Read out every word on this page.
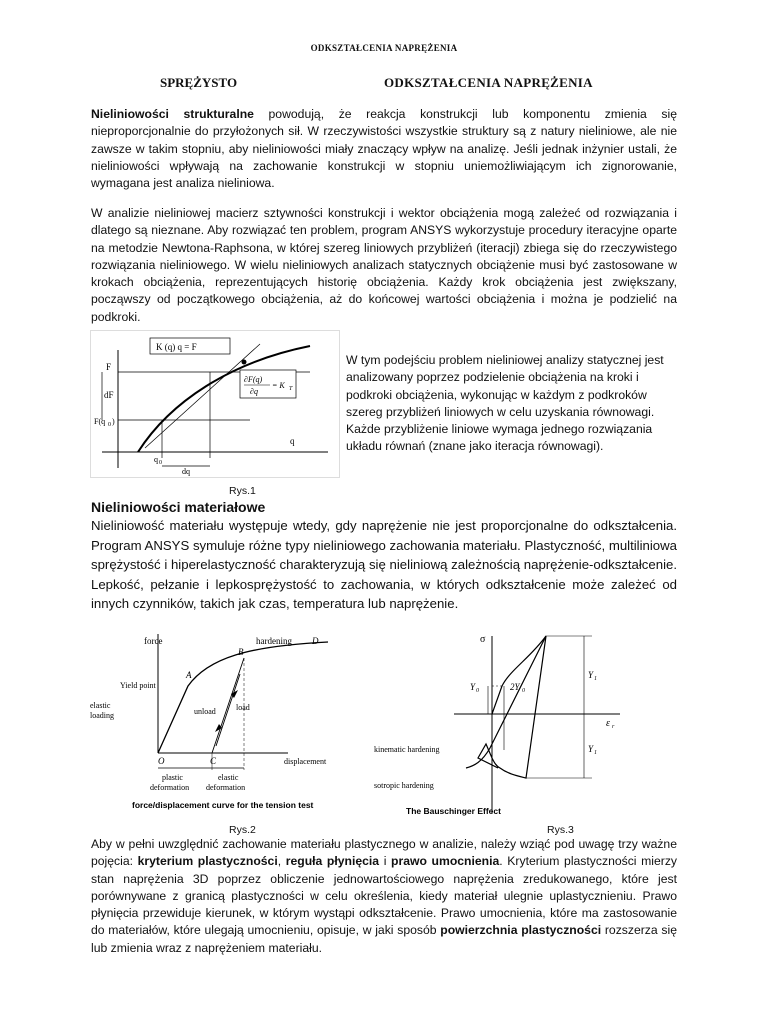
ODKSZTAŁCENIA NAPRĘŻENIA
SPRĘŻYSTO	ODKSZTAŁCENIA NAPRĘŻENIA
Nieliniowości strukturalne powodują, że reakcja konstrukcji lub komponentu zmienia się nieproporcjonalnie do przyłożonych sił. W rzeczywistości wszystkie struktury są z natury nieliniowe, ale nie zawsze w takim stopniu, aby nieliniowości miały znaczący wpływ na analizę. Jeśli jednak inżynier ustali, że nieliniowości wpływają na zachowanie konstrukcji w stopniu uniemożliwiającym ich zignorowanie, wymagana jest analiza nieliniowa.
W analizie nieliniowej macierz sztywności konstrukcji i wektor obciążenia mogą zależeć od rozwiązania i dlatego są nieznane. Aby rozwiązać ten problem, program ANSYS wykorzystuje procedury iteracyjne oparte na metodzie Newtona-Raphsona, w której szereg liniowych przybliżeń (iteracji) zbiega się do rzeczywistego rozwiązania nieliniowego. W wielu nieliniowych analizach statycznych obciążenie musi być zastosowane w krokach obciążenia, reprezentujących historię obciążenia. Każdy krok obciążenia jest zwiększany, począwszy od początkowego obciążenia, aż do końcowej wartości obciążenia i można je podzielić na podkroki.
K (q) q = F
∂F(q)
∂q
= K T
F
dF
F(q 0 )
q
q 0
dq
W tym podejściu problem nieliniowej analizy statycznej jest analizowany poprzez podzielenie obciążenia na kroki i podkroki obciążenia, wykonując w każdym z podkroków szereg przybliżeń liniowych w celu uzyskania równowagi. Każde przybliżenie liniowe wymaga jednego rozwiązania układu równań (znane jako iteracja równowagi).
Rys.1
Nieliniowości materiałowe
Nieliniowość materiału występuje wtedy, gdy naprężenie nie jest proporcjonalne do odkształcenia. Program ANSYS symuluje różne typy nieliniowego zachowania materiału. Plastyczność, multiliniowa sprężystość i hiperelastyczność charakteryzują się nieliniową zależnością naprężenie-odkształcenie. Lepkość, pełzanie i lepkosprężystość to zachowania, w których odkształcenie może zależeć od innych czynników, takich jak czas, temperatura lub naprężenie.
force	hardening D
B
A
Yield point
elastic
loading	unload	load
O	C	displacement
plastic
deformation
elastic
deformation
force/displacement curve for the tension test
σ
Y 0	2Y 0
Y 1
Y 1
ε r
kinematic hardening
sotropic hardening
The Bauschinger Effect
Rys.2	Rys.3
Aby w pełni uwzględnić zachowanie materiału plastycznego w analizie, należy wziąć pod uwagę trzy ważne pojęcia: kryterium plastyczności, reguła płynięcia i prawo umocnienia. Kryterium plastyczności mierzy stan naprężenia 3D poprzez obliczenie jednowartościowego naprężenia zredukowanego, które jest porównywane z granicą plastyczności w celu określenia, kiedy materiał ulegnie uplastycznieniu. Prawo płynięcia przewiduje kierunek, w którym wystąpi odkształcenie. Prawo umocnienia, które ma zastosowanie do materiałów, które ulegają umocnieniu, opisuje, w jaki sposób powierzchnia plastyczności rozszerza się lub zmienia wraz z naprężeniem materiału.
